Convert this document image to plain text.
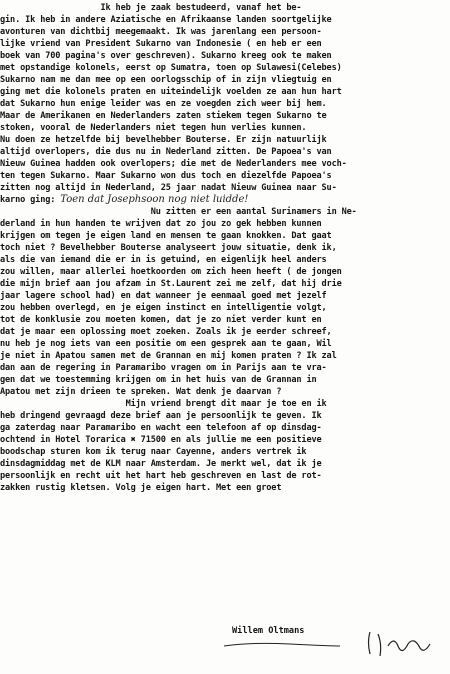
Ik heb je zaak bestudeerd, vanaf het be-
gin. Ik heb in andere Aziatische en Afrikaanse landen soortgelijke
avonturen van dichtbij meegemaakt. Ik was jarenlang een persoon-
lijke vriend van President Sukarno van Indonesie ( en heb er een
boek van 700 pagina's over geschreven). Sukarno kreeg ook te maken
met opstandige kolonels, eerst op Sumatra, toen op Sulawesi(Celebes)
Sukarno nam me dan mee op een oorlogsschip of in zijn vliegtuig en
ging met die kolonels praten en uiteindelijk voelden ze aan hun hart
dat Sukarno hun enige leider was en ze voegden zich weer bij hem.
Maar de Amerikanen en Nederlanders zaten stiekem tegen Sukarno te
stoken, vooral de Nederlanders niet tegen hun verlies kunnen.
Nu doen ze hetzelfde bij bevelhebber Bouterse. Er zijn natuurlijk
altijd overlopers, die dus nu in Nederland zitten. De Papoea's van
Nieuw Guinea hadden ook overlopers; die met de Nederlanders mee voch-
ten tegen Sukarno. Maar Sukarno won dus toch en diezelfde Papoea's
zitten nog altijd in Nederland, 25 jaar nadat Nieuw Guinea naar Su-
karno ging: Toen dat Josephsoon nog niet luidde!
Nu zitten er een aantal Surinamers in Ne-
derland in hun handen te wrijven dat zo jou zo gek hebben kunnen
krijgen om tegen je eigen land en mensen te gaan knokken. Dat gaat
toch niet ? Bevelhebber Bouterse analyseert jouw situatie, denk ik,
als die van iemand die er in is getuind, en eigenlijk heel anders
zou willen, maar allerlei hoetkoorden om zich heen heeft ( de jongen
die mijn brief aan jou afzam in St.Laurent zei me zelf, dat hij drie
jaar lagere school had) en dat wanneer je eenmaal goed met jezelf
zou hebben overlegd, en je eigen instinct en intelligentie volgt,
tot de konklusie zou moeten komen, dat je zo niet verder kunt en
dat je maar een oplossing moet zoeken. Zoals ik je eerder schreef,
nu heb je nog iets van een positie om een gesprek aan te gaan, Wil
je niet in Apatou samen met de Grannan en mij komen praten ? Ik zal
dan aan de regering in Paramaribo vragen om in Parijs aan te vra-
gen dat we toestemming krijgen om in het huis van de Grannan in
Apatou met zijn drieen te spreken. Wat denk je daarvan ?
Mijn vriend brengt dit maar je toe en ik
heb dringend gevraagd deze brief aan je persoonlijk te geven. Ik
ga zaterdag naar Paramaribo en wacht een telefoon af op dinsdag-
ochtend in Hotel Torarica ✖ 71500 en als jullie me een positieve
boodschap sturen kom ik terug naar Cayenne, anders vertrek ik
dinsdagmiddag met de KLM naar Amsterdam. Je merkt wel, dat ik je
persoonlijk en recht uit het hart heb geschreven en last de rot-
zakken rustig kletsen. Volg je eigen hart. Met een groet
Willem Oltmans
